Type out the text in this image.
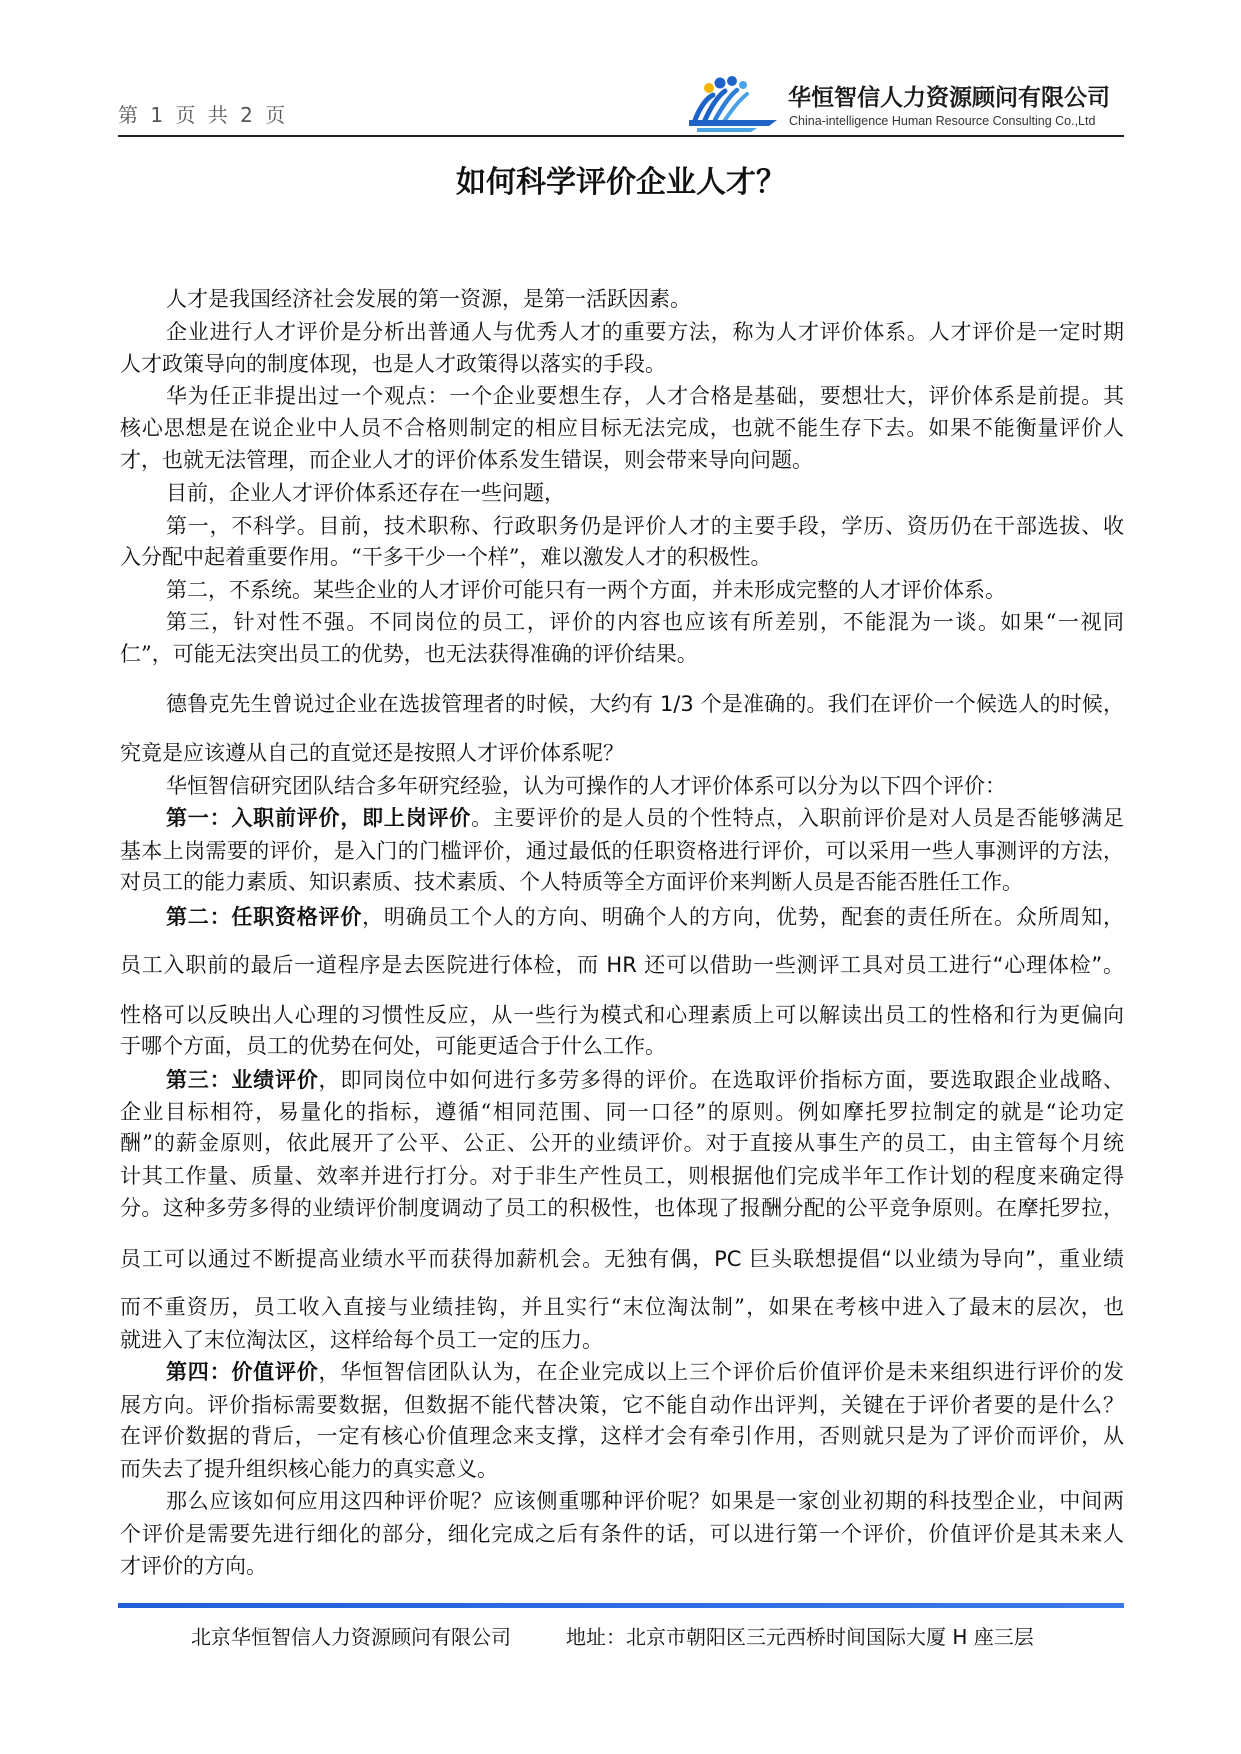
第 1 页 共 2 页
华恒智信人力资源顾问有限公司
China-intelligence Human Resource Consulting Co.,Ltd
如何科学评价企业人才？
人才是我国经济社会发展的第一资源，是第一活跃因素。
企业进行人才评价是分析出普通人与优秀人才的重要方法，称为人才评价体系。人才评价是一定时期
人才政策导向的制度体现，也是人才政策得以落实的手段。
华为任正非提出过一个观点：一个企业要想生存，人才合格是基础，要想壮大，评价体系是前提。其
核心思想是在说企业中人员不合格则制定的相应目标无法完成，也就不能生存下去。如果不能衡量评价人
才，也就无法管理，而企业人才的评价体系发生错误，则会带来导向问题。
目前，企业人才评价体系还存在一些问题，
第一，不科学。目前，技术职称、行政职务仍是评价人才的主要手段，学历、资历仍在干部选拔、收
入分配中起着重要作用。“干多干少一个样”，难以激发人才的积极性。
第二，不系统。某些企业的人才评价可能只有一两个方面，并未形成完整的人才评价体系。
第三，针对性不强。不同岗位的员工，评价的内容也应该有所差别，不能混为一谈。如果“一视同
仁”，可能无法突出员工的优势，也无法获得准确的评价结果。
德鲁克先生曾说过企业在选拔管理者的时候，大约有 1/3 个是准确的。我们在评价一个候选人的时候，
究竟是应该遵从自己的直觉还是按照人才评价体系呢？
华恒智信研究团队结合多年研究经验，认为可操作的人才评价体系可以分为以下四个评价：
第一：入职前评价，即上岗评价。主要评价的是人员的个性特点，入职前评价是对人员是否能够满足
基本上岗需要的评价，是入门的门槛评价，通过最低的任职资格进行评价，可以采用一些人事测评的方法，
对员工的能力素质、知识素质、技术素质、个人特质等全方面评价来判断人员是否能否胜任工作。
第二：任职资格评价，明确员工个人的方向、明确个人的方向，优势，配套的责任所在。众所周知，
员工入职前的最后一道程序是去医院进行体检，而 HR 还可以借助一些测评工具对员工进行“心理体检”。
性格可以反映出人心理的习惯性反应，从一些行为模式和心理素质上可以解读出员工的性格和行为更偏向
于哪个方面，员工的优势在何处，可能更适合于什么工作。
第三：业绩评价，即同岗位中如何进行多劳多得的评价。在选取评价指标方面，要选取跟企业战略、
企业目标相符，易量化的指标，遵循“相同范围、同一口径”的原则。例如摩托罗拉制定的就是“论功定
酬”的薪金原则，依此展开了公平、公正、公开的业绩评价。对于直接从事生产的员工，由主管每个月统
计其工作量、质量、效率并进行打分。对于非生产性员工，则根据他们完成半年工作计划的程度来确定得
分。这种多劳多得的业绩评价制度调动了员工的积极性，也体现了报酬分配的公平竞争原则。在摩托罗拉，
员工可以通过不断提高业绩水平而获得加薪机会。无独有偶，PC 巨头联想提倡“以业绩为导向”，重业绩
而不重资历，员工收入直接与业绩挂钩，并且实行“末位淘汰制”，如果在考核中进入了最末的层次，也
就进入了末位淘汰区，这样给每个员工一定的压力。
第四：价值评价，华恒智信团队认为，在企业完成以上三个评价后价值评价是未来组织进行评价的发
展方向。评价指标需要数据，但数据不能代替决策，它不能自动作出评判，关键在于评价者要的是什么？
在评价数据的背后，一定有核心价值理念来支撑，这样才会有牵引作用，否则就只是为了评价而评价，从
而失去了提升组织核心能力的真实意义。
那么应该如何应用这四种评价呢？应该侧重哪种评价呢？如果是一家创业初期的科技型企业，中间两
个评价是需要先进行细化的部分，细化完成之后有条件的话，可以进行第一个评价，价值评价是其未来人
才评价的方向。
北京华恒智信人力资源顾问有限公司	地址：北京市朝阳区三元西桥时间国际大厦 H 座三层
